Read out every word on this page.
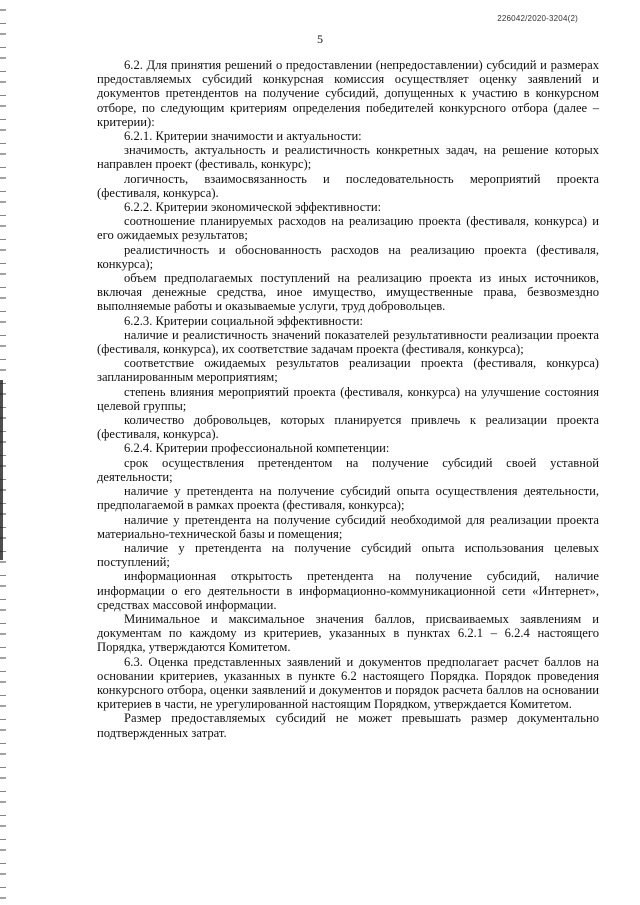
226042/2020-3204(2)
5

6.2. Для принятия решений о предоставлении (непредоставлении) субсидий и размерах предоставляемых субсидий конкурсная комиссия осуществляет оценку заявлений и документов претендентов на получение субсидий, допущенных к участию в конкурсном отборе, по следующим критериям определения победителей конкурсного отбора (далее – критерии):

6.2.1. Критерии значимости и актуальности:

значимость, актуальность и реалистичность конкретных задач, на решение которых направлен проект (фестиваль, конкурс);

логичность, взаимосвязанность и последовательность мероприятий проекта (фестиваля, конкурса).

6.2.2. Критерии экономической эффективности:

соотношение планируемых расходов на реализацию проекта (фестиваля, конкурса) и его ожидаемых результатов;

реалистичность и обоснованность расходов на реализацию проекта (фестиваля, конкурса);

объем предполагаемых поступлений на реализацию проекта из иных источников, включая денежные средства, иное имущество, имущественные права, безвозмездно выполняемые работы и оказываемые услуги, труд добровольцев.

6.2.3. Критерии социальной эффективности:

наличие и реалистичность значений показателей результативности реализации проекта (фестиваля, конкурса), их соответствие задачам проекта (фестиваля, конкурса);

соответствие ожидаемых результатов реализации проекта (фестиваля, конкурса) запланированным мероприятиям;

степень влияния мероприятий проекта (фестиваля, конкурса) на улучшение состояния целевой группы;

количество добровольцев, которых планируется привлечь к реализации проекта (фестиваля, конкурса).

6.2.4. Критерии профессиональной компетенции:

срок осуществления претендентом на получение субсидий своей уставной деятельности;

наличие у претендента на получение субсидий опыта осуществления деятельности, предполагаемой в рамках проекта (фестиваля, конкурса);

наличие у претендента на получение субсидий необходимой для реализации проекта материально-технической базы и помещения;

наличие у претендента на получение субсидий опыта использования целевых поступлений;

информационная открытость претендента на получение субсидий, наличие информации о его деятельности в информационно-коммуникационной сети «Интернет», средствах массовой информации.

Минимальное и максимальное значения баллов, присваиваемых заявлениям и документам по каждому из критериев, указанных в пунктах 6.2.1 – 6.2.4 настоящего Порядка, утверждаются Комитетом.

6.3. Оценка представленных заявлений и документов предполагает расчет баллов на основании критериев, указанных в пункте 6.2 настоящего Порядка. Порядок проведения конкурсного отбора, оценки заявлений и документов и порядок расчета баллов на основании критериев в части, не урегулированной настоящим Порядком, утверждается Комитетом.

Размер предоставляемых субсидий не может превышать размер документально подтвержденных затрат.
